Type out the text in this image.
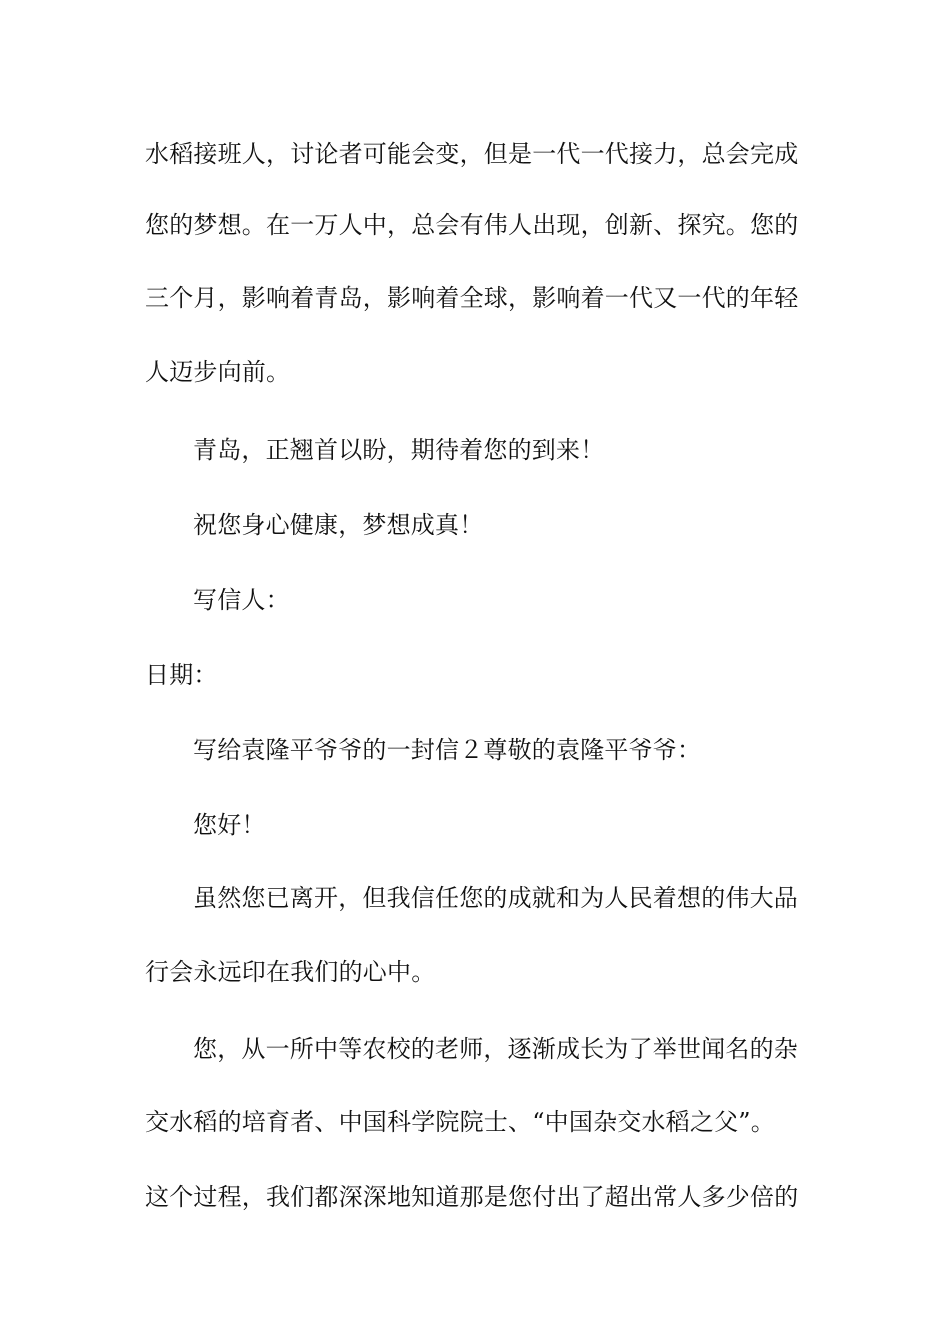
水稻接班人，讨论者可能会变，但是一代一代接力，总会完成
您的梦想。在一万人中，总会有伟人出现，创新、探究。您的
三个月，影响着青岛，影响着全球，影响着一代又一代的年轻
人迈步向前。
青岛，正翘首以盼，期待着您的到来！
祝您身心健康，梦想成真！
写信人：
日期：
写给袁隆平爷爷的一封信２尊敬的袁隆平爷爷：
您好！
虽然您已离开，但我信任您的成就和为人民着想的伟大品
行会永远印在我们的心中。
您，从一所中等农校的老师，逐渐成长为了举世闻名的杂
交水稻的培育者、中国科学院院士、“中国杂交水稻之父”。
这个过程，我们都深深地知道那是您付出了超出常人多少倍的
